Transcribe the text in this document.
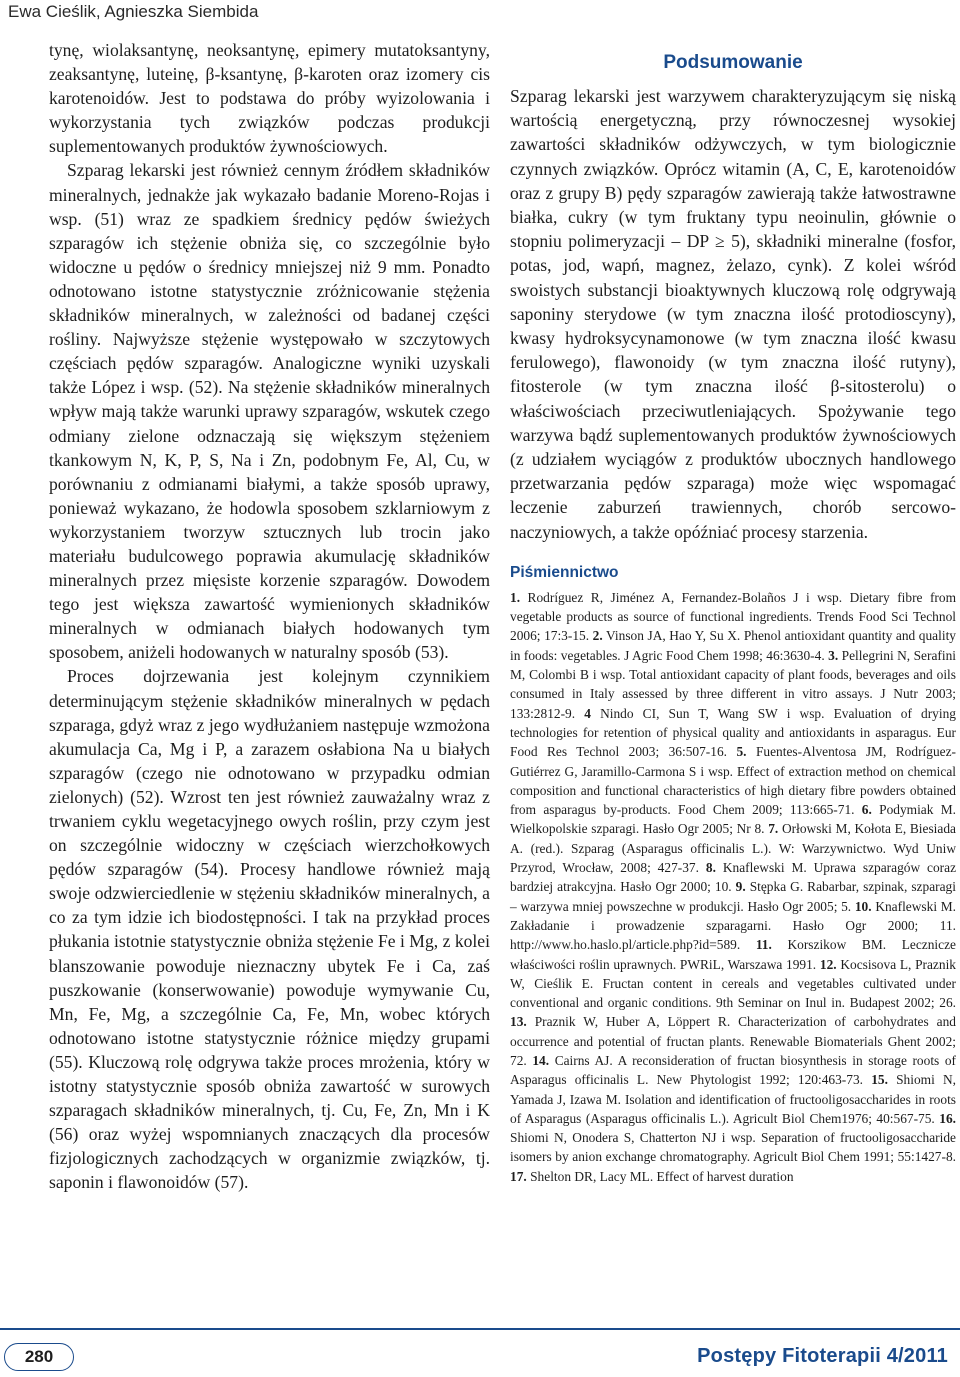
Ewa Cieślik, Agnieszka Siembida

tynę, wiolaksantynę, neoksantynę, epimery mutatoksantyny, zeaksantynę, luteinę, β-ksantynę, β-karoten oraz izomery cis karotenoidów. Jest to podstawa do próby wyizolowania i wykorzystania tych związków podczas produkcji suplementowanych produktów żywnościowych.

Szparag lekarski jest również cennym źródłem składników mineralnych, jednakże jak wykazało badanie Moreno-Rojas i wsp. (51) wraz ze spadkiem średnicy pędów świeżych szparagów ich stężenie obniża się, co szczególnie było widoczne u pędów o średnicy mniejszej niż 9 mm. Ponadto odnotowano istotne statystycznie zróżnicowanie stężenia składników mineralnych, w zależności od badanej części rośliny. Najwyższe stężenie występowało w szczytowych częściach pędów szparagów. Analogiczne wyniki uzyskali także López i wsp. (52). Na stężenie składników mineralnych wpływ mają także warunki uprawy szparagów, wskutek czego odmiany zielone odznaczają się większym stężeniem tkankowym N, K, P, S, Na i Zn, podobnym Fe, Al, Cu, w porównaniu z odmianami białymi, a także sposób uprawy, ponieważ wykazano, że hodowla sposobem szklarniowym z wykorzystaniem tworzyw sztucznych lub trocin jako materiału budulcowego poprawia akumulację składników mineralnych przez mięsiste korzenie szparagów. Dowodem tego jest większa zawartość wymienionych składników mineralnych w odmianach białych hodowanych tym sposobem, aniżeli hodowanych w naturalny sposób (53).

Proces dojrzewania jest kolejnym czynnikiem determinującym stężenie składników mineralnych w pędach szparaga, gdyż wraz z jego wydłużaniem następuje wzmożona akumulacja Ca, Mg i P, a zarazem osłabiona Na u białych szparagów (czego nie odnotowano w przypadku odmian zielonych) (52). Wzrost ten jest również zauważalny wraz z trwaniem cyklu wegetacyjnego owych roślin, przy czym jest on szczególnie widoczny w częściach wierzchołkowych pędów szparagów (54). Procesy handlowe również mają swoje odzwierciedlenie w stężeniu składników mineralnych, a co za tym idzie ich biodostępności. I tak na przykład proces płukania istotnie statystycznie obniża stężenie Fe i Mg, z kolei blanszowanie powoduje nieznaczny ubytek Fe i Ca, zaś puszkowanie (konserwowanie) powoduje wymywanie Cu, Mn, Fe, Mg, a szczególnie Ca, Fe, Mn, wobec których odnotowano istotne statystycznie różnice między grupami (55). Kluczową rolę odgrywa także proces mrożenia, który w istotny statystycznie sposób obniża zawartość w surowych szparagach składników mineralnych, tj. Cu, Fe, Zn, Mn i K (56) oraz wyżej wspomnianych znaczących dla procesów fizjologicznych zachodzących w organizmie związków, tj. saponin i flawonoidów (57).

Podsumowanie

Szparag lekarski jest warzywem charakteryzującym się niską wartością energetyczną, przy równoczesnej wysokiej zawartości składników odżywczych, w tym biologicznie czynnych związków. Oprócz witamin (A, C, E, karotenoidów oraz z grupy B) pędy szparagów zawierają także łatwostrawne białka, cukry (w tym fruktany typu neoinulin, głównie o stopniu polimeryzacji – DP ≥ 5), składniki mineralne (fosfor, potas, jod, wapń, magnez, żelazo, cynk). Z kolei wśród swoistych substancji bioaktywnych kluczową rolę odgrywają saponiny sterydowe (w tym znaczna ilość protodioscyny), kwasy hydroksycynamonowe (w tym znaczna ilość kwasu ferulowego), flawonoidy (w tym znaczna ilość rutyny), fitosterole (w tym znaczna ilość β-sitosterolu) o właściwościach przeciwutleniających. Spożywanie tego warzywa bądź suplementowanych produktów żywnościowych (z udziałem wyciągów z produktów ubocznych handlowego przetwarzania pędów szparaga) może więc wspomagać leczenie zaburzeń trawiennych, chorób sercowo-naczyniowych, a także opóźniać procesy starzenia.

Piśmiennictwo
1. Rodríguez R, Jiménez A, Fernandez-Bolaños J i wsp. Dietary fibre from vegetable products as source of functional ingredients. Trends Food Sci Technol 2006; 17:3-15. 2. Vinson JA, Hao Y, Su X. Phenol antioxidant quantity and quality in foods: vegetables. J Agric Food Chem 1998; 46:3630-4. 3. Pellegrini N, Serafini M, Colombi B i wsp. Total antioxidant capacity of plant foods, beverages and oils consumed in Italy assessed by three different in vitro assays. J Nutr 2003; 133:2812-9. 4 Nindo CI, Sun T, Wang SW i wsp. Evaluation of drying technologies for retention of physical quality and antioxidants in asparagus. Eur Food Res Technol 2003; 36:507-16. 5. Fuentes-Alventosa JM, Rodríguez-Gutiérrez G, Jaramillo-Carmona S i wsp. Effect of extraction method on chemical composition and functional characteristics of high dietary fibre powders obtained from asparagus by-products. Food Chem 2009; 113:665-71. 6. Podymiak M. Wielkopolskie szparagi. Hasło Ogr 2005; Nr 8. 7. Orłowski M, Kołota E, Biesiada A. (red.). Szparag (Asparagus officinalis L.). W: Warzywnictwo. Wyd Uniw Przyrod, Wrocław, 2008; 427-37. 8. Knaflewski M. Uprawa szparagów coraz bardziej atrakcyjna. Hasło Ogr 2000; 10. 9. Stępka G. Rabarbar, szpinak, szparagi – warzywa mniej powszechne w produkcji. Hasło Ogr 2005; 5. 10. Knaflewski M. Zakładanie i prowadzenie szparagarni. Hasło Ogr 2000; 11. http://www.ho.haslo.pl/article.php?id=589. 11. Korszikow BM. Lecznicze właściwości roślin uprawnych. PWRiL, Warszawa 1991. 12. Kocsisova L, Praznik W, Cieślik E. Fructan content in cereals and vegetables cultivated under conventional and organic conditions. 9th Seminar on Inul in. Budapest 2002; 26. 13. Praznik W, Huber A, Löppert R. Characterization of carbohydrates and occurrence and potential of fructan plants. Renewable Biomaterials Ghent 2002; 72. 14. Cairns AJ. A reconsideration of fructan biosynthesis in storage roots of Asparagus officinalis L. New Phytologist 1992; 120:463-73. 15. Shiomi N, Yamada J, Izawa M. Isolation and identification of fructooligosaccharides in roots of Asparagus (Asparagus officinalis L.). Agricult Biol Chem1976; 40:567-75. 16. Shiomi N, Onodera S, Chatterton NJ i wsp. Separation of fructooligosaccharide isomers by anion exchange chromatography. Agricult Biol Chem 1991; 55:1427-8. 17. Shelton DR, Lacy ML. Effect of harvest duration
280	Postępy Fitoterapii 4/2011
